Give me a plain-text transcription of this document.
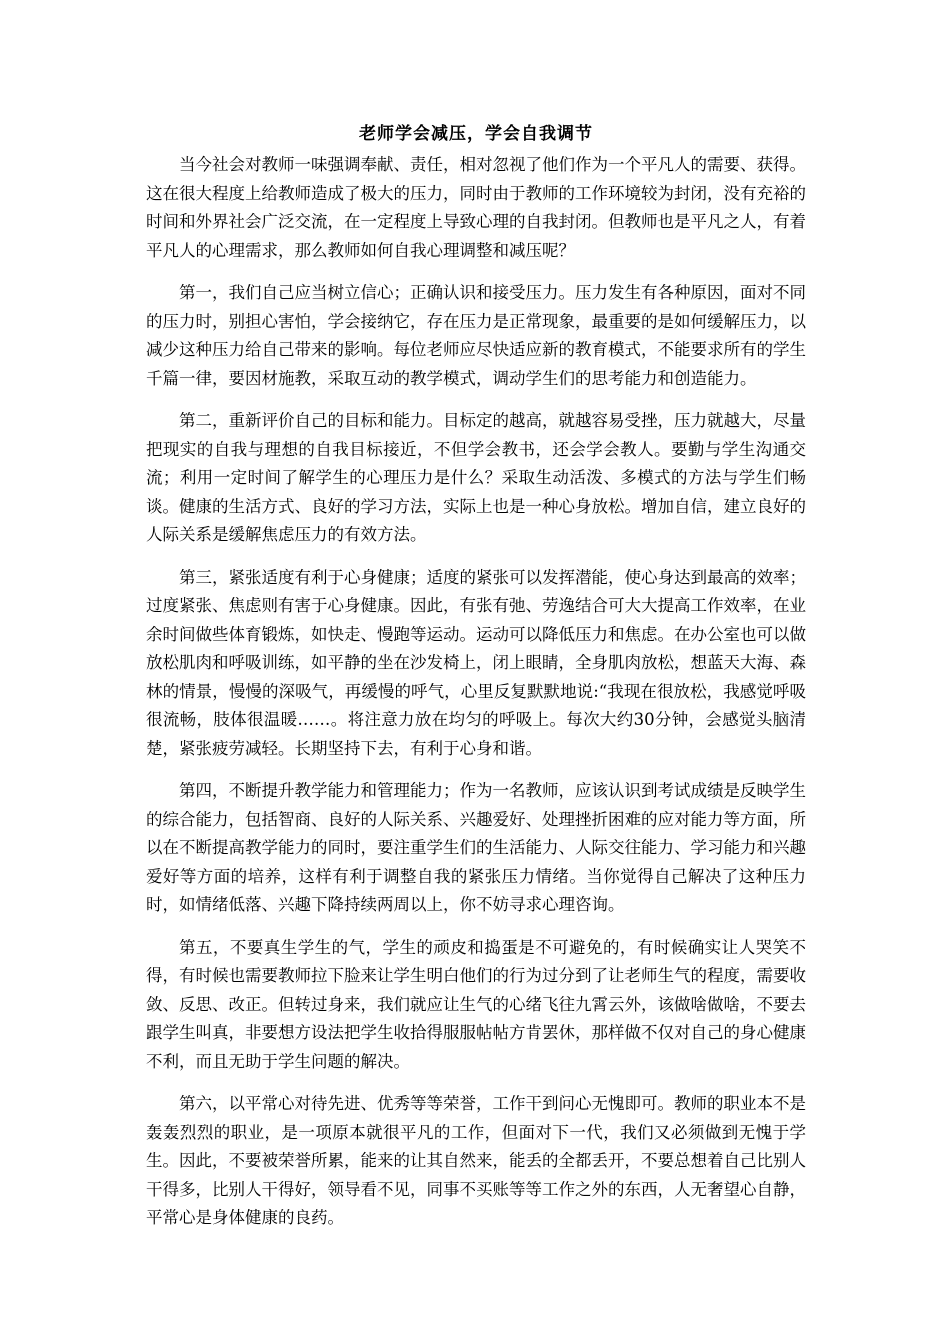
老师学会减压，学会自我调节

当今社会对教师一味强调奉献、责任，相对忽视了他们作为一个平凡人的需要、获得。这在很大程度上给教师造成了极大的压力，同时由于教师的工作环境较为封闭，没有充裕的时间和外界社会广泛交流，在一定程度上导致心理的自我封闭。但教师也是平凡之人，有着平凡人的心理需求，那么教师如何自我心理调整和减压呢？

第一，我们自己应当树立信心；正确认识和接受压力。压力发生有各种原因，面对不同的压力时，别担心害怕，学会接纳它，存在压力是正常现象，最重要的是如何缓解压力，以减少这种压力给自己带来的影响。每位老师应尽快适应新的教育模式，不能要求所有的学生千篇一律，要因材施教，采取互动的教学模式，调动学生们的思考能力和创造能力。

第二，重新评价自己的目标和能力。目标定的越高，就越容易受挫，压力就越大，尽量把现实的自我与理想的自我目标接近，不但学会教书，还会学会教人。要勤与学生沟通交流；利用一定时间了解学生的心理压力是什么？采取生动活泼、多模式的方法与学生们畅谈。健康的生活方式、良好的学习方法，实际上也是一种心身放松。增加自信，建立良好的人际关系是缓解焦虑压力的有效方法。

第三，紧张适度有利于心身健康；适度的紧张可以发挥潜能，使心身达到最高的效率；过度紧张、焦虑则有害于心身健康。因此，有张有弛、劳逸结合可大大提高工作效率，在业余时间做些体育锻炼，如快走、慢跑等运动。运动可以降低压力和焦虑。在办公室也可以做放松肌肉和呼吸训练，如平静的坐在沙发椅上，闭上眼睛，全身肌肉放松，想蓝天大海、森林的情景，慢慢的深吸气，再缓慢的呼气，心里反复默默地说:“我现在很放松，我感觉呼吸很流畅，肢体很温暖……。将注意力放在均匀的呼吸上。每次大约30分钟，会感觉头脑清楚，紧张疲劳减轻。长期坚持下去，有利于心身和谐。

第四，不断提升教学能力和管理能力；作为一名教师，应该认识到考试成绩是反映学生的综合能力，包括智商、良好的人际关系、兴趣爱好、处理挫折困难的应对能力等方面，所以在不断提高教学能力的同时，要注重学生们的生活能力、人际交往能力、学习能力和兴趣爱好等方面的培养，这样有利于调整自我的紧张压力情绪。当你觉得自己解决了这种压力时，如情绪低落、兴趣下降持续两周以上，你不妨寻求心理咨询。

第五，不要真生学生的气，学生的顽皮和捣蛋是不可避免的，有时候确实让人哭笑不得，有时候也需要教师拉下脸来让学生明白他们的行为过分到了让老师生气的程度，需要收敛、反思、改正。但转过身来，我们就应让生气的心绪飞往九霄云外，该做啥做啥，不要去跟学生叫真，非要想方设法把学生收拾得服服帖帖方肯罢休，那样做不仅对自己的身心健康不利，而且无助于学生问题的解决。

第六，以平常心对待先进、优秀等等荣誉，工作干到问心无愧即可。教师的职业本不是轰轰烈烈的职业，是一项原本就很平凡的工作，但面对下一代，我们又必须做到无愧于学生。因此，不要被荣誉所累，能来的让其自然来，能丢的全都丢开，不要总想着自己比别人干得多，比别人干得好，领导看不见，同事不买账等等工作之外的东西，人无奢望心自静，平常心是身体健康的良药。
